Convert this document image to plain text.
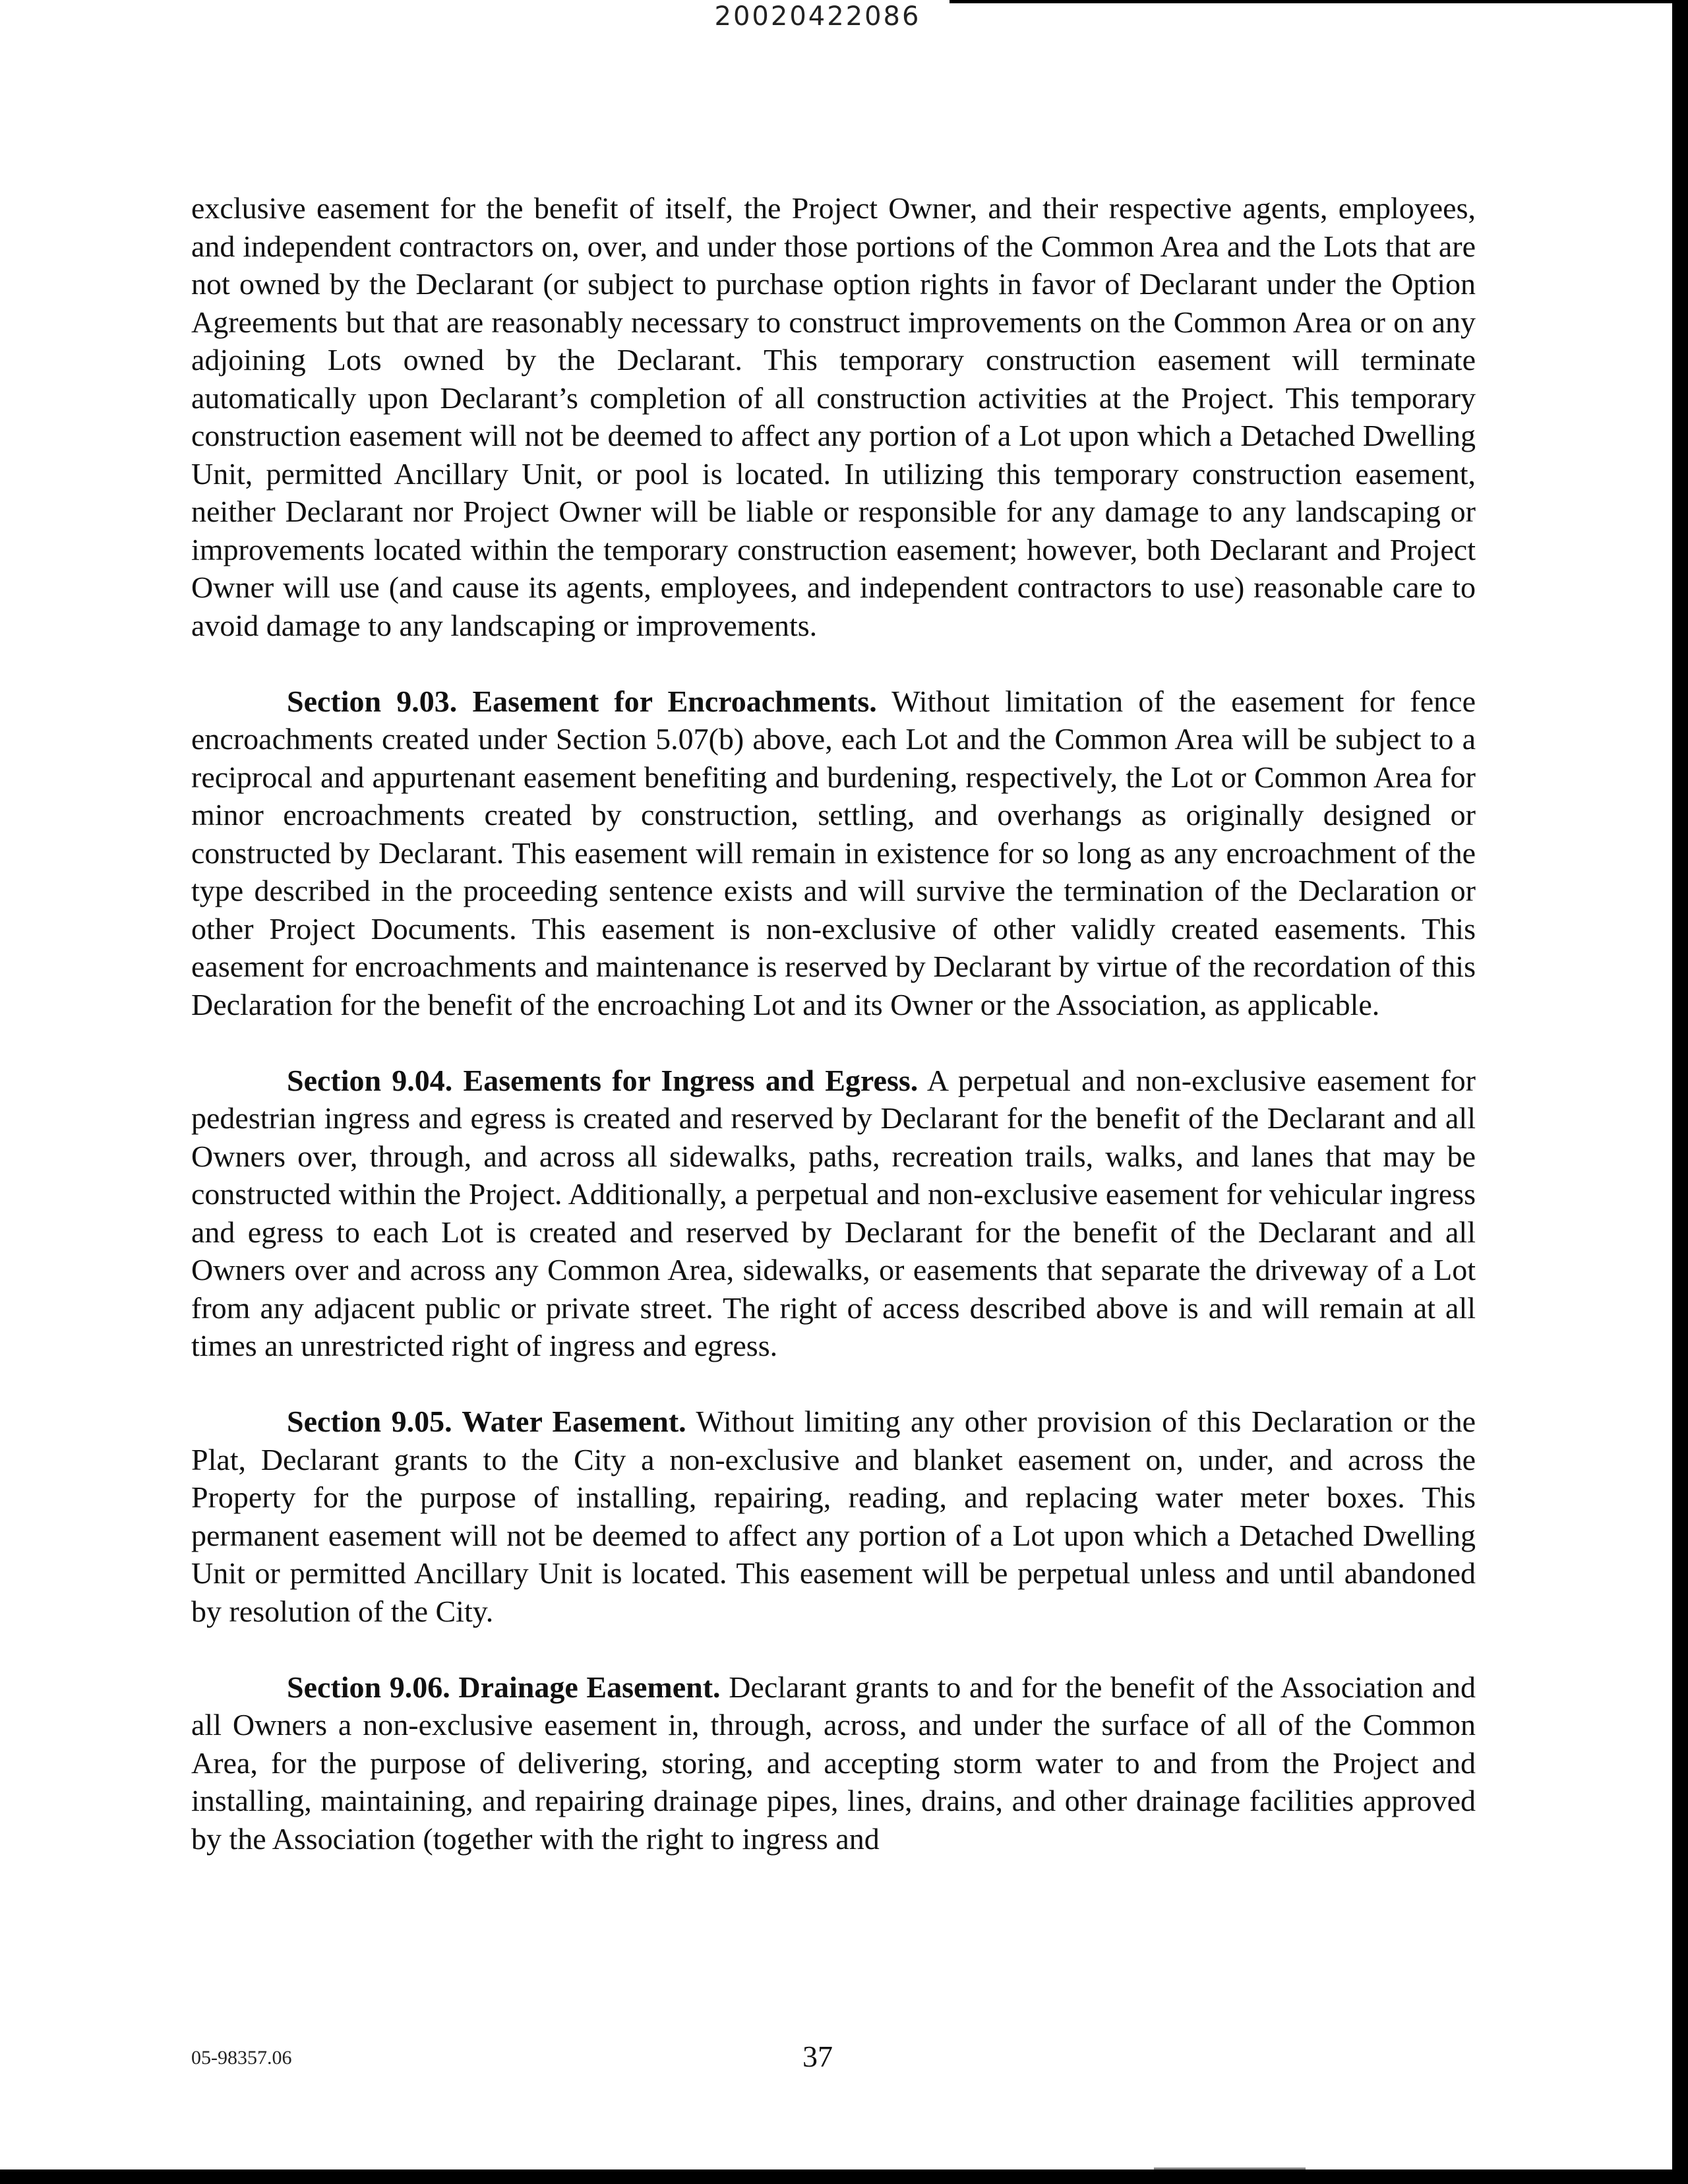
20020422086

exclusive easement for the benefit of itself, the Project Owner, and their respective agents, employees, and independent contractors on, over, and under those portions of the Common Area and the Lots that are not owned by the Declarant (or subject to purchase option rights in favor of Declarant under the Option Agreements but that are reasonably necessary to construct improvements on the Common Area or on any adjoining Lots owned by the Declarant. This temporary construction easement will terminate automatically upon Declarant’s completion of all construction activities at the Project. This temporary construction easement will not be deemed to affect any portion of a Lot upon which a Detached Dwelling Unit, permitted Ancillary Unit, or pool is located. In utilizing this temporary construction easement, neither Declarant nor Project Owner will be liable or responsible for any damage to any landscaping or improvements located within the temporary construction easement; however, both Declarant and Project Owner will use (and cause its agents, employees, and independent contractors to use) reasonable care to avoid damage to any landscaping or improvements.

Section 9.03. Easement for Encroachments. Without limitation of the easement for fence encroachments created under Section 5.07(b) above, each Lot and the Common Area will be subject to a reciprocal and appurtenant easement benefiting and burdening, respectively, the Lot or Common Area for minor encroachments created by construction, settling, and overhangs as originally designed or constructed by Declarant. This easement will remain in existence for so long as any encroachment of the type described in the proceeding sentence exists and will survive the termination of the Declaration or other Project Documents. This easement is non-exclusive of other validly created easements. This easement for encroachments and maintenance is reserved by Declarant by virtue of the recordation of this Declaration for the benefit of the encroaching Lot and its Owner or the Association, as applicable.

Section 9.04. Easements for Ingress and Egress. A perpetual and non-exclusive easement for pedestrian ingress and egress is created and reserved by Declarant for the benefit of the Declarant and all Owners over, through, and across all sidewalks, paths, recreation trails, walks, and lanes that may be constructed within the Project. Additionally, a perpetual and non-exclusive easement for vehicular ingress and egress to each Lot is created and reserved by Declarant for the benefit of the Declarant and all Owners over and across any Common Area, sidewalks, or easements that separate the driveway of a Lot from any adjacent public or private street. The right of access described above is and will remain at all times an unrestricted right of ingress and egress.

Section 9.05. Water Easement. Without limiting any other provision of this Declaration or the Plat, Declarant grants to the City a non-exclusive and blanket easement on, under, and across the Property for the purpose of installing, repairing, reading, and replacing water meter boxes. This permanent easement will not be deemed to affect any portion of a Lot upon which a Detached Dwelling Unit or permitted Ancillary Unit is located. This easement will be perpetual unless and until abandoned by resolution of the City.

Section 9.06. Drainage Easement. Declarant grants to and for the benefit of the Association and all Owners a non-exclusive easement in, through, across, and under the surface of all of the Common Area, for the purpose of delivering, storing, and accepting storm water to and from the Project and installing, maintaining, and repairing drainage pipes, lines, drains, and other drainage facilities approved by the Association (together with the right to ingress and

05-98357.06	37
